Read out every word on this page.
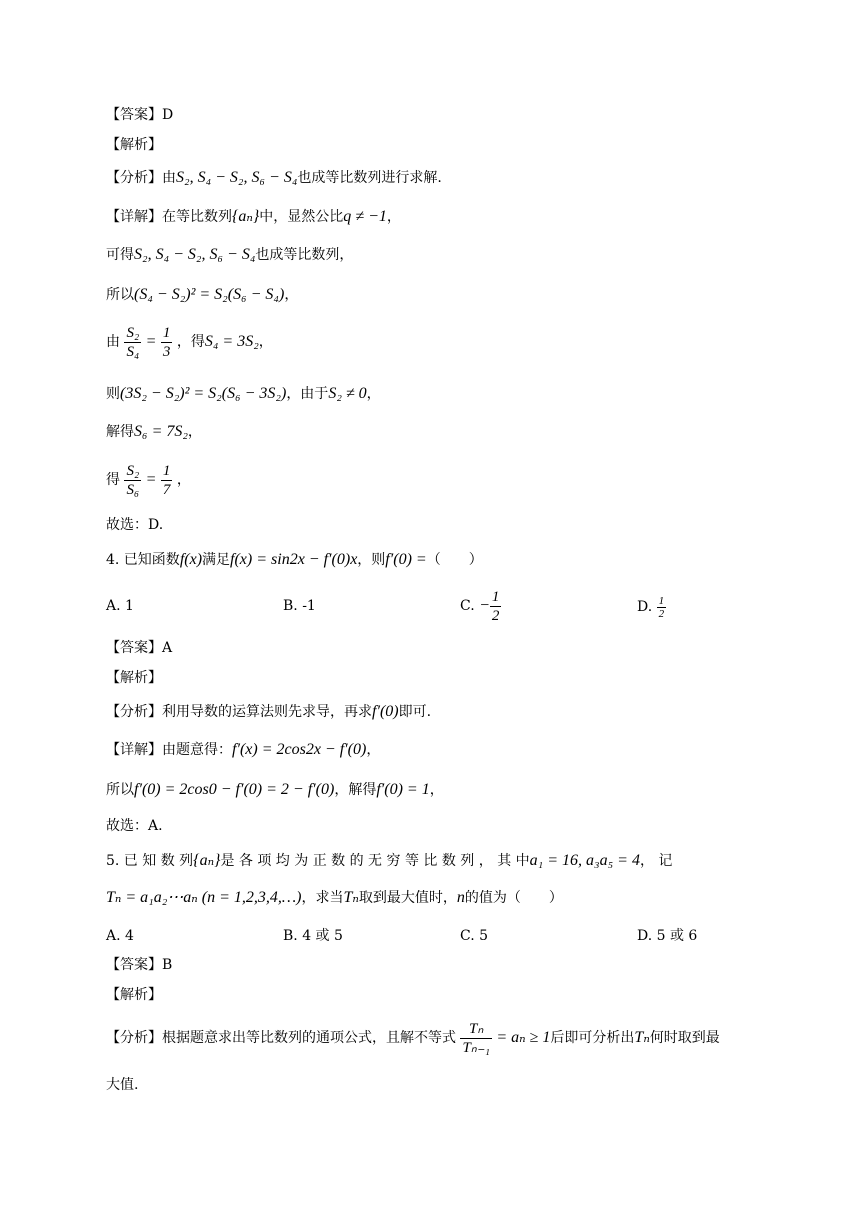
【答案】D
【解析】
【分析】由S₂, S₄ − S₂, S₆ − S₄也成等比数列进行求解.
【详解】在等比数列{aₙ}中，显然公比q ≠ −1，
可得S₂, S₄ − S₂, S₆ − S₄也成等比数列，
所以(S₄ − S₂)² = S₂(S₆ − S₄)，
由 $\frac{\text{S₂}}{\text{S₄}} = \frac{1}{3}$ ，得S₄ = 3S₂，
则(3S₂ − S₂)² = S₂(S₆ − 3S₂)，由于S₂ ≠ 0，
解得S₆ = 7S₂，
得 $\frac{\text{S₂}}{\text{S₆}} = \frac{1}{7}$ ，
故选：D.
4. 已知函数f(x)满足f(x) = sin2x − f′(0)x，则f′(0) =（　　）
A. 1	B. -1	C. − $\frac{1}{2}$	D. $\frac{1}{2}$
【答案】A
【解析】
【分析】利用导数的运算法则先求导，再求f′(0)即可.
【详解】由题意得：f′(x) = 2cos2x − f′(0)，
所以f′(0) = 2cos0 − f′(0) = 2 − f′(0)，解得f′(0) = 1，
故选：A.
5. 已 知 数 列{aₙ}是 各 项 均 为 正 数 的 无 穷 等 比 数 列 ， 其 中a₁ = 16, a₃a₅ = 4， 记
Tₙ = a₁a₂⋯aₙ (n = 1,2,3,4,…)，求当Tₙ取到最大值时，n的值为（　　）
A. 4	B. 4 或 5	C. 5	D. 5 或 6
【答案】B
【解析】
【分析】根据题意求出等比数列的通项公式，且解不等式 $\frac{\text{Tₙ}}{\text{Tₙ₋₁}} = a_n \ge 1$后即可分析出Tₙ何时取到最
大值.
